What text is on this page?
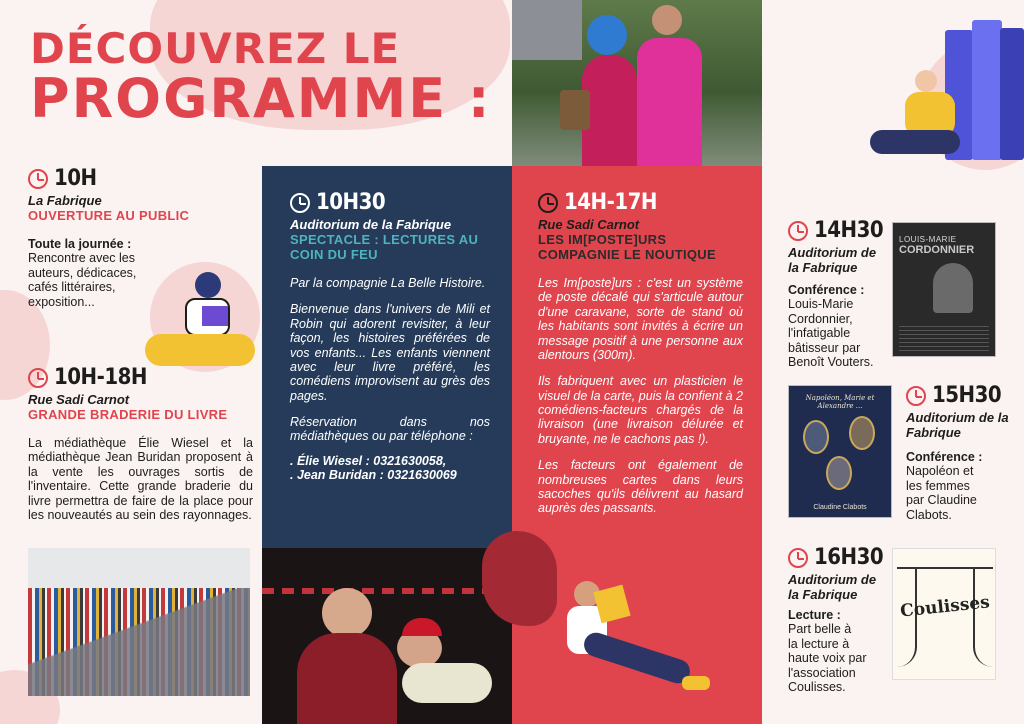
DÉCOUVREZ LE
PROGRAMME :
10H
La Fabrique
OUVERTURE AU PUBLIC
Toute la journée :
Rencontre avec les
auteurs, dédicaces,
cafés littéraires,
exposition...
10H-18H
Rue Sadi Carnot
GRANDE BRADERIE DU LIVRE
La médiathèque Élie Wiesel et la médiathèque Jean Buridan proposent à la vente les ouvrages sortis de l'inventaire. Cette grande braderie du livre permettra de faire de la place pour les nouveautés au sein des rayonnages.
10H30
Auditorium de la Fabrique
SPECTACLE : LECTURES AU COIN DU FEU
Par la compagnie La Belle Histoire.
Bienvenue dans l'univers de Mili et Robin qui adorent revisiter, à leur façon, les histoires préférées de vos enfants... Les enfants viennent avec leur livre préféré, les comédiens improvisent au grès des pages.
Réservation dans nos médiathèques ou par téléphone :
. Élie Wiesel : 0321630058,
. Jean Buridan : 0321630069
14H-17H
Rue Sadi Carnot
LES IM[POSTE]URS COMPAGNIE LE NOUTIQUE
Les Im[poste]urs : c'est un système de poste décalé qui s'articule autour d'une caravane, sorte de stand où les habitants sont invités à écrire un message positif à une personne aux alentours (300m).
Ils fabriquent avec un plasticien le visuel de la carte, puis la confient à 2 comédiens-facteurs chargés de la livraison (une livraison délurée et bruyante, ne le cachons pas !).
Les facteurs ont également de nombreuses cartes dans leurs sacoches qu'ils délivrent au hasard auprès des passants.
14H30
Auditorium de la Fabrique
Conférence :
Louis-Marie
Cordonnier,
l'infatigable
bâtisseur par
Benoît Vouters.
LOUIS-MARIE
CORDONNIER
Napoléon, Marie et Alexandre ...
Claudine Clabots
15H30
Auditorium de la Fabrique
Conférence :
Napoléon et
les femmes
par Claudine
Clabots.
16H30
Auditorium de la Fabrique
Lecture :
Part belle à
la lecture à
haute voix par
l'association
Coulisses.
Coulisses
